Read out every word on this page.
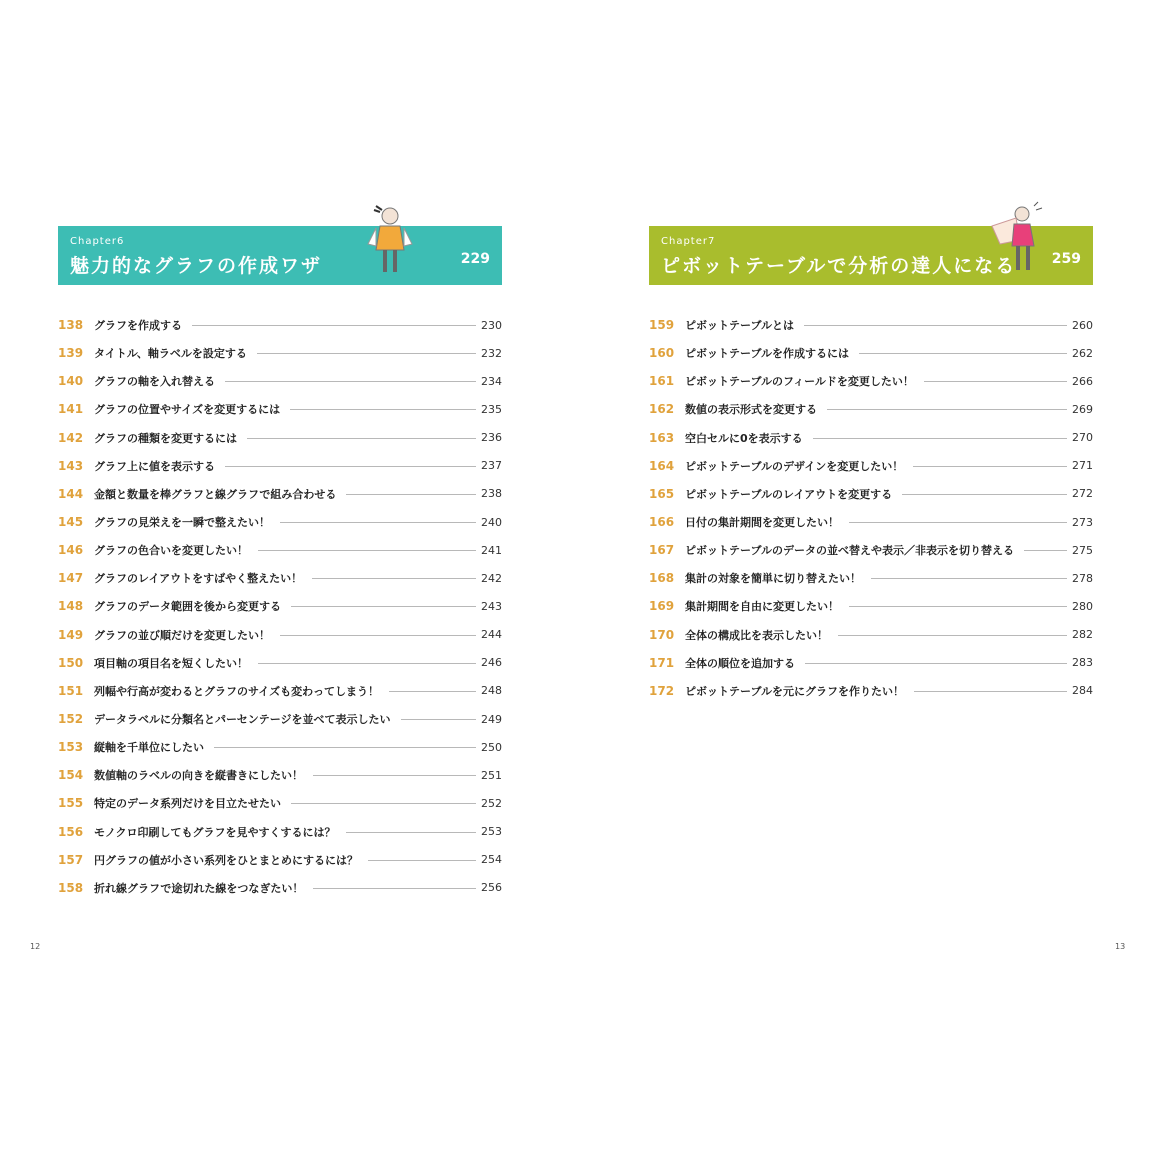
Chapter6
魅力的なグラフの作成ワザ	229
138 グラフを作成する	230
139 タイトル、軸ラベルを設定する	232
140 グラフの軸を入れ替える	234
141 グラフの位置やサイズを変更するには	235
142 グラフの種類を変更するには	236
143 グラフ上に値を表示する	237
144 金額と数量を棒グラフと線グラフで組み合わせる	238
145 グラフの見栄えを一瞬で整えたい！	240
146 グラフの色合いを変更したい！	241
147 グラフのレイアウトをすばやく整えたい！	242
148 グラフのデータ範囲を後から変更する	243
149 グラフの並び順だけを変更したい！	244
150 項目軸の項目名を短くしたい！	246
151 列幅や行高が変わるとグラフのサイズも変わってしまう！	248
152 データラベルに分類名とパーセンテージを並べて表示したい	249
153 縦軸を千単位にしたい	250
154 数値軸のラベルの向きを縦書きにしたい！	251
155 特定のデータ系列だけを目立たせたい	252
156 モノクロ印刷してもグラフを見やすくするには？	253
157 円グラフの値が小さい系列をひとまとめにするには？	254
158 折れ線グラフで途切れた線をつなぎたい！	256
12
Chapter7
ピボットテーブルで分析の達人になる	259
159 ピボットテーブルとは	260
160 ピボットテーブルを作成するには	262
161 ピボットテーブルのフィールドを変更したい！	266
162 数値の表示形式を変更する	269
163 空白セルに0を表示する	270
164 ピボットテーブルのデザインを変更したい！	271
165 ピボットテーブルのレイアウトを変更する	272
166 日付の集計期間を変更したい！	273
167 ピボットテーブルのデータの並べ替えや表示／非表示を切り替える	275
168 集計の対象を簡単に切り替えたい！	278
169 集計期間を自由に変更したい！	280
170 全体の構成比を表示したい！	282
171 全体の順位を追加する	283
172 ピボットテーブルを元にグラフを作りたい！	284
13
